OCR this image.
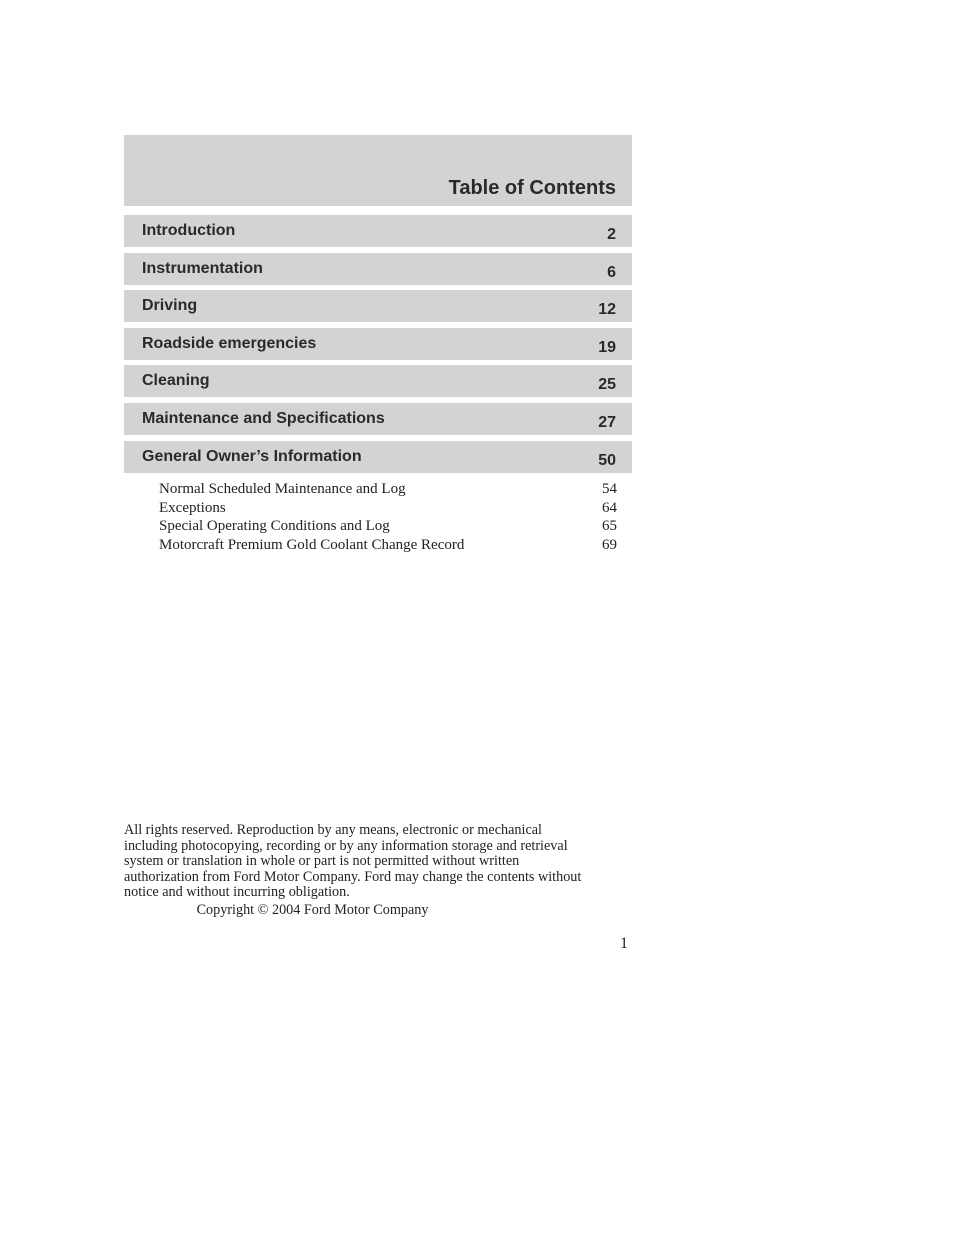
Table of Contents
Introduction	2
Instrumentation	6
Driving	12
Roadside emergencies	19
Cleaning	25
Maintenance and Specifications	27
General Owner’s Information	50
Normal Scheduled Maintenance and Log	54
Exceptions	64
Special Operating Conditions and Log	65
Motorcraft Premium Gold Coolant Change Record	69
All rights reserved. Reproduction by any means, electronic or mechanical
including photocopying, recording or by any information storage and retrieval
system or translation in whole or part is not permitted without written
authorization from Ford Motor Company. Ford may change the contents without
notice and without incurring obligation.
Copyright © 2004 Ford Motor Company
1
